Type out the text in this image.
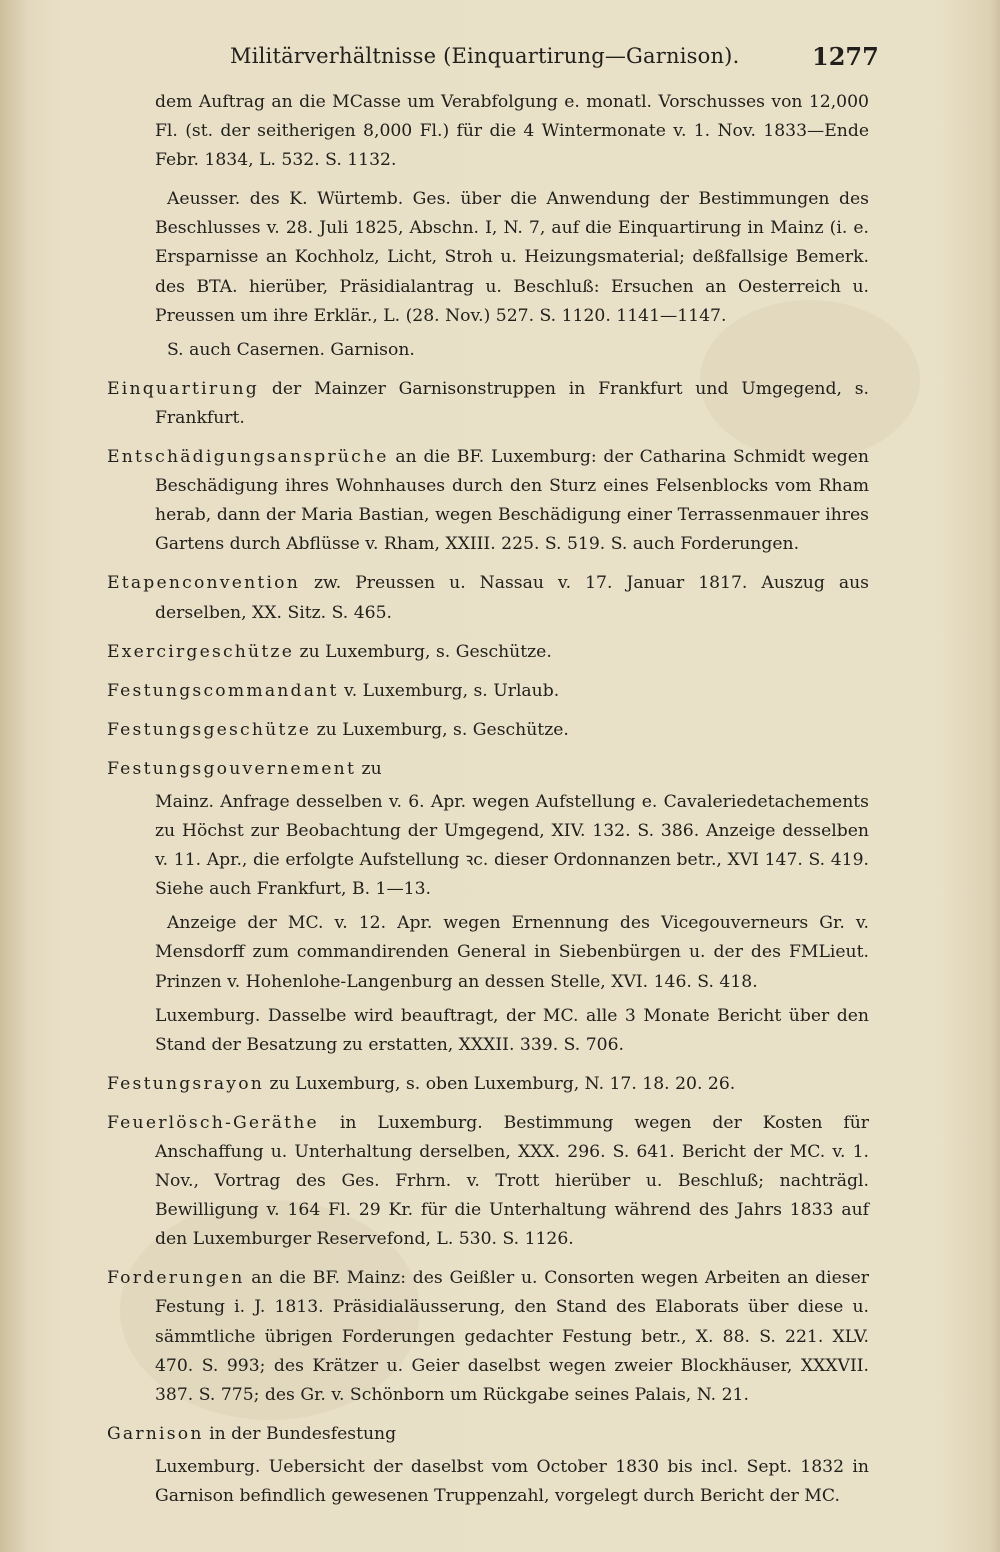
Militärverhältnisse (Einquartirung—Garnison).	1277

dem Auftrag an die MCasse um Verabfolgung e. monatl. Vorschusses von 12,000 Fl. (st. der seitherigen 8,000 Fl.) für die 4 Wintermonate v. 1. Nov. 1833—Ende Febr. 1834, L. 532. S. 1132.

Aeusser. des K. Würtemb. Ges. über die Anwendung der Bestimmungen des Beschlusses v. 28. Juli 1825, Abschn. I, N. 7, auf die Einquartirung in Mainz (i. e. Ersparnisse an Kochholz, Licht, Stroh u. Heizungsmaterial; deßfallsige Bemerk. des BTA. hierüber, Präsidialantrag u. Beschluß: Ersuchen an Oesterreich u. Preussen um ihre Erklär., L. (28. Nov.) 527. S. 1120. 1141—1147.

S. auch Casernen. Garnison.

Einquartirung der Mainzer Garnisonstruppen in Frankfurt und Umgegend, s. Frankfurt.

Entschädigungsansprüche an die BF. Luxemburg: der Catharina Schmidt wegen Beschädigung ihres Wohnhauses durch den Sturz eines Felsenblocks vom Rham herab, dann der Maria Bastian, wegen Beschädigung einer Terrassenmauer ihres Gartens durch Abflüsse v. Rham, XXIII. 225. S. 519. S. auch Forderungen.

Etapenconvention zw. Preussen u. Nassau v. 17. Januar 1817. Auszug aus derselben, XX. Sitz. S. 465.

Exercirgeschütze zu Luxemburg, s. Geschütze.

Festungscommandant v. Luxemburg, s. Urlaub.

Festungsgeschütze zu Luxemburg, s. Geschütze.

Festungsgouvernement zu

Mainz. Anfrage desselben v. 6. Apr. wegen Aufstellung e. Cavaleriedetachements zu Höchst zur Beobachtung der Umgegend, XIV. 132. S. 386. Anzeige desselben v. 11. Apr., die erfolgte Aufstellung ꝛc. dieser Ordonnanzen betr., XVI 147. S. 419. Siehe auch Frankfurt, B. 1—13.

Anzeige der MC. v. 12. Apr. wegen Ernennung des Vicegouverneurs Gr. v. Mensdorff zum commandirenden General in Siebenbürgen u. der des FMLieut. Prinzen v. Hohenlohe-Langenburg an dessen Stelle, XVI. 146. S. 418.

Luxemburg. Dasselbe wird beauftragt, der MC. alle 3 Monate Bericht über den Stand der Besatzung zu erstatten, XXXII. 339. S. 706.

Festungsrayon zu Luxemburg, s. oben Luxemburg, N. 17. 18. 20. 26.

Feuerlösch-Geräthe in Luxemburg. Bestimmung wegen der Kosten für Anschaffung u. Unterhaltung derselben, XXX. 296. S. 641. Bericht der MC. v. 1. Nov., Vortrag des Ges. Frhrn. v. Trott hierüber u. Beschluß; nachträgl. Bewilligung v. 164 Fl. 29 Kr. für die Unterhaltung während des Jahrs 1833 auf den Luxemburger Reservefond, L. 530. S. 1126.

Forderungen an die BF. Mainz: des Geißler u. Consorten wegen Arbeiten an dieser Festung i. J. 1813. Präsidialäusserung, den Stand des Elaborats über diese u. sämmtliche übrigen Forderungen gedachter Festung betr., X. 88. S. 221. XLV. 470. S. 993; des Krätzer u. Geier daselbst wegen zweier Blockhäuser, XXXVII. 387. S. 775; des Gr. v. Schönborn um Rückgabe seines Palais, N. 21.

Garnison in der Bundesfestung

Luxemburg. Uebersicht der daselbst vom October 1830 bis incl. Sept. 1832 in Garnison befindlich gewesenen Truppenzahl, vorgelegt durch Bericht der MC.
